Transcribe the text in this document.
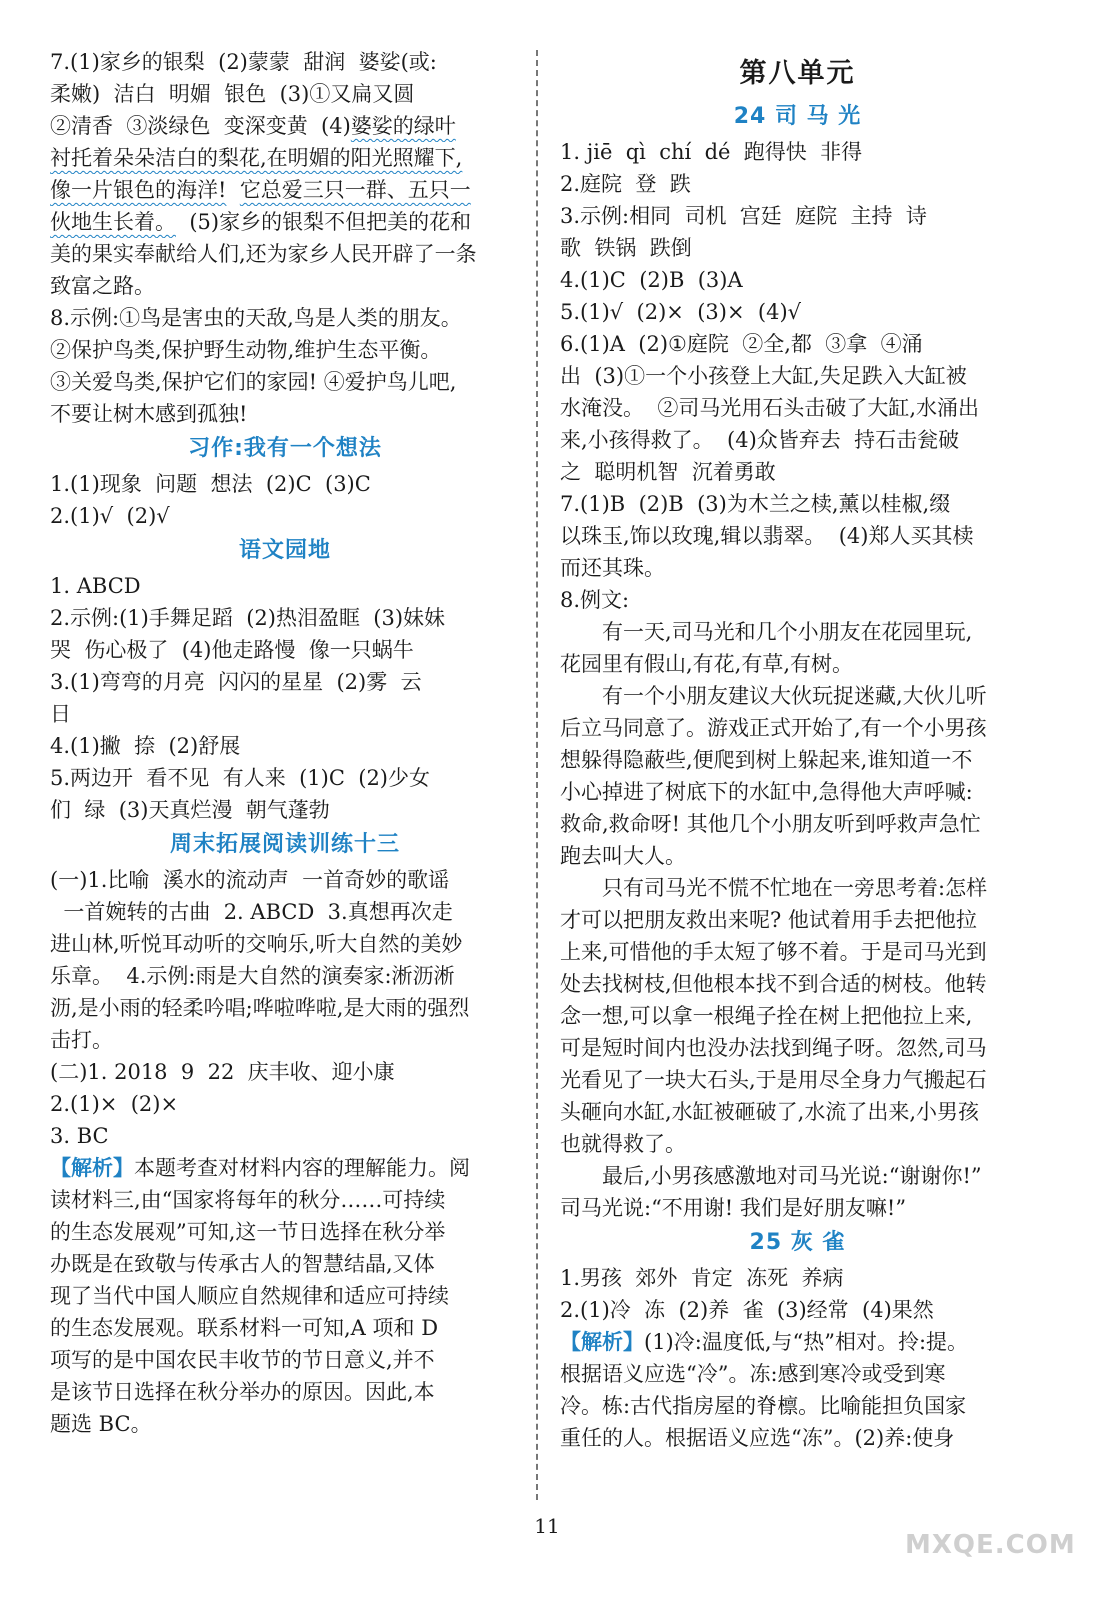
7.(1)家乡的银梨  (2)蒙蒙  甜润  婆娑(或:
柔嫩)  洁白  明媚  银色  (3)①又扁又圆
②清香  ③淡绿色  变深变黄  (4)婆娑的绿叶
衬托着朵朵洁白的梨花,在明媚的阳光照耀下,
像一片银色的海洋! 它总爱三只一群、五只一
伙地生长着。  (5)家乡的银梨不但把美的花和
美的果实奉献给人们,还为家乡人民开辟了一条
致富之路。
8.示例:①鸟是害虫的天敌,鸟是人类的朋友。
②保护鸟类,保护野生动物,维护生态平衡。
③关爱鸟类,保护它们的家园! ④爱护鸟儿吧,
不要让树木感到孤独!
习作:我有一个想法
1.(1)现象  问题  想法  (2)C  (3)C
2.(1)√  (2)√
语文园地
1. ABCD
2.示例:(1)手舞足蹈  (2)热泪盈眶  (3)妹妹
哭  伤心极了  (4)他走路慢  像一只蜗牛
3.(1)弯弯的月亮  闪闪的星星  (2)雾  云
日
4.(1)撇  捺  (2)舒展
5.两边开  看不见  有人来  (1)C  (2)少女
们  绿  (3)天真烂漫  朝气蓬勃
周末拓展阅读训练十三
(一)1.比喻  溪水的流动声  一首奇妙的歌谣
一首婉转的古曲  2. ABCD  3.真想再次走
进山林,听悦耳动听的交响乐,听大自然的美妙
乐章。  4.示例:雨是大自然的演奏家:淅沥淅
沥,是小雨的轻柔吟唱;哗啦哗啦,是大雨的强烈
击打。
(二)1. 2018  9  22  庆丰收、迎小康
2.(1)×  (2)×
3. BC
【解析】本题考查对材料内容的理解能力。阅
读材料三,由“国家将每年的秋分……可持续
的生态发展观”可知,这一节日选择在秋分举
办既是在致敬与传承古人的智慧结晶,又体
现了当代中国人顺应自然规律和适应可持续
的生态发展观。联系材料一可知,A 项和 D
项写的是中国农民丰收节的节日意义,并不
是该节日选择在秋分举办的原因。因此,本
题选 BC。
第八单元
24 司 马 光
1. jiē  qì  chí  dé  跑得快  非得
2.庭院  登  跌
3.示例:相同  司机  宫廷  庭院  主持  诗
歌  铁锅  跌倒
4.(1)C  (2)B  (3)A
5.(1)√  (2)×  (3)×  (4)√
6.(1)A  (2)①庭院  ②全,都  ③拿  ④涌
出  (3)①一个小孩登上大缸,失足跌入大缸被
水淹没。  ②司马光用石头击破了大缸,水涌出
来,小孩得救了。  (4)众皆弃去  持石击瓮破
之  聪明机智  沉着勇敢
7.(1)B  (2)B  (3)为木兰之椟,薰以桂椒,缀
以珠玉,饰以玫瑰,辑以翡翠。  (4)郑人买其椟
而还其珠。
8.例文:
有一天,司马光和几个小朋友在花园里玩,
花园里有假山,有花,有草,有树。
有一个小朋友建议大伙玩捉迷藏,大伙儿听
后立马同意了。游戏正式开始了,有一个小男孩
想躲得隐蔽些,便爬到树上躲起来,谁知道一不
小心掉进了树底下的水缸中,急得他大声呼喊:
救命,救命呀! 其他几个小朋友听到呼救声急忙
跑去叫大人。
只有司马光不慌不忙地在一旁思考着:怎样
才可以把朋友救出来呢? 他试着用手去把他拉
上来,可惜他的手太短了够不着。于是司马光到
处去找树枝,但他根本找不到合适的树枝。他转
念一想,可以拿一根绳子拴在树上把他拉上来,
可是短时间内也没办法找到绳子呀。忽然,司马
光看见了一块大石头,于是用尽全身力气搬起石
头砸向水缸,水缸被砸破了,水流了出来,小男孩
也就得救了。
最后,小男孩感激地对司马光说:“谢谢你!”
司马光说:“不用谢! 我们是好朋友嘛!”
25 灰 雀
1.男孩  郊外  肯定  冻死  养病
2.(1)冷  冻  (2)养  雀  (3)经常  (4)果然
【解析】(1)冷:温度低,与“热”相对。拎:提。
根据语义应选“冷”。冻:感到寒冷或受到寒
冷。栋:古代指房屋的脊檩。比喻能担负国家
重任的人。根据语义应选“冻”。(2)养:使身
11
MXQE.COM
